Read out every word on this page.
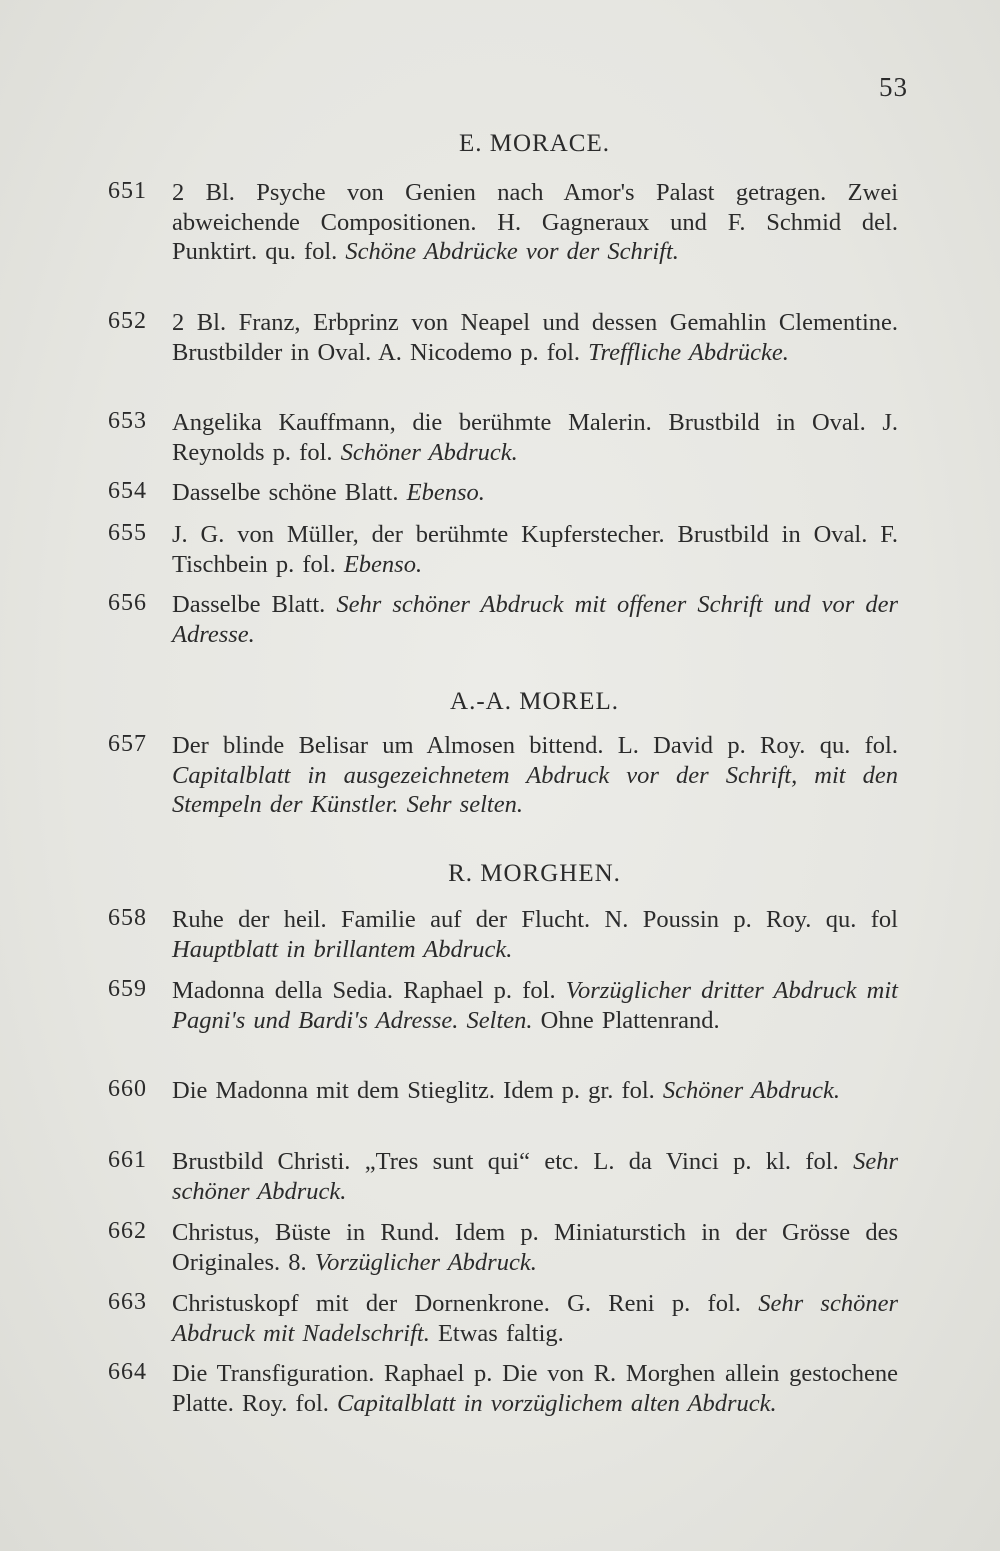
53
E. MORACE.
651	2 Bl. Psyche von Genien nach Amor's Palast getragen. Zwei abweichende Compositionen. H. Gagneraux und F. Schmid del. Punktirt. qu. fol. Schöne Abdrücke vor der Schrift.
652	2 Bl. Franz, Erbprinz von Neapel und dessen Gemahlin Clementine. Brustbilder in Oval. A. Nicodemo p. fol. Treffliche Abdrücke.
653	Angelika Kauffmann, die berühmte Malerin. Brustbild in Oval. J. Reynolds p. fol. Schöner Abdruck.
654	Dasselbe schöne Blatt. Ebenso.
655	J. G. von Müller, der berühmte Kupferstecher. Brustbild in Oval. F. Tischbein p. fol. Ebenso.
656	Dasselbe Blatt. Sehr schöner Abdruck mit offener Schrift und vor der Adresse.
A.-A. MOREL.
657	Der blinde Belisar um Almosen bittend. L. David p. Roy. qu. fol. Capitalblatt in ausgezeichnetem Abdruck vor der Schrift, mit den Stempeln der Künstler. Sehr selten.
R. MORGHEN.
658	Ruhe der heil. Familie auf der Flucht. N. Poussin p. Roy. qu. fol Hauptblatt in brillantem Abdruck.
659	Madonna della Sedia. Raphael p. fol. Vorzüglicher dritter Abdruck mit Pagni's und Bardi's Adresse. Selten. Ohne Plattenrand.
660	Die Madonna mit dem Stieglitz. Idem p. gr. fol. Schöner Abdruck.
661	Brustbild Christi. „Tres sunt qui“ etc. L. da Vinci p. kl. fol. Sehr schöner Abdruck.
662	Christus, Büste in Rund. Idem p. Miniaturstich in der Grösse des Originales. 8. Vorzüglicher Abdruck.
663	Christuskopf mit der Dornenkrone. G. Reni p. fol. Sehr schöner Abdruck mit Nadelschrift. Etwas faltig.
664	Die Transfiguration. Raphael p. Die von R. Morghen allein gestochene Platte. Roy. fol. Capitalblatt in vorzüglichem alten Abdruck.
